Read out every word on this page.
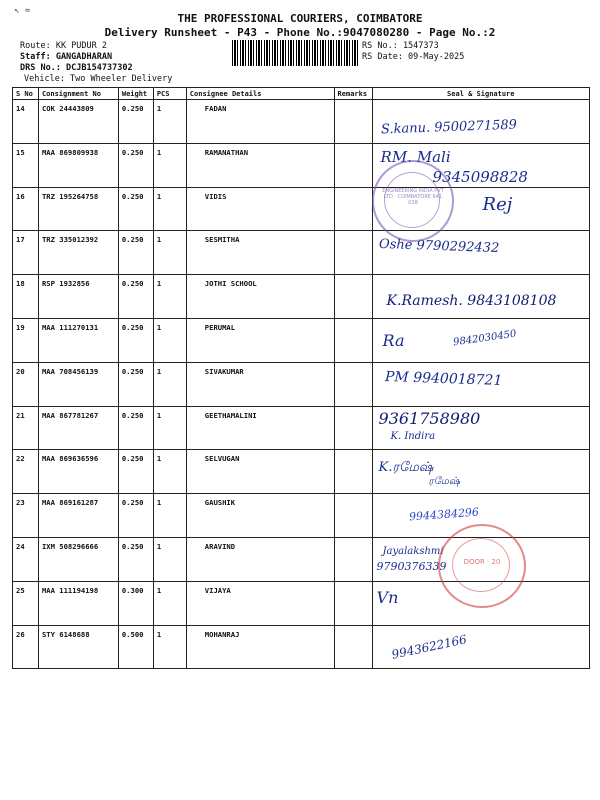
↖ ≈
THE PROFESSIONAL COURIERS, COIMBATORE
Delivery Runsheet - P43 - Phone No.:9047080280 - Page No.:2
Route: KK PUDUR 2
Staff: GANGADHARAN
DRS No.: DCJB154737302
Vehicle: Two Wheeler Delivery
RS No.: 1547373
RS Date: 09-May-2025
S No	Consignment No	Weight	PCS	Consignee Details	Remarks	Seal & Signature
14	COK 24443809	0.250	1	FADAN		S.kanu. 9500271589

15	MAA 869809938	0.250	1	RAMANATHAN		RM. Mali
9345098828

16	TRZ 195264758	0.250	1	VIDIS		Rej

17	TRZ 335012392	0.250	1	SESMITHA		Oshe 9790292432

18	RSP 1932856	0.250	1	JOTHI SCHOOL		K.Ramesh. 9843108108

19	MAA 111270131	0.250	1	PERUMAL		Ra 9842030450

20	MAA 708456139	0.250	1	SIVAKUMAR		PM 9940018721

21	MAA 867781267	0.250	1	GEETHAMALINI		9361758980
K. Indira

22	MAA 869636596	0.250	1	SELVUGAN		K.ரமேஷ்
ரமேஷ்

23	MAA 869161287	0.250	1	GAUSHIK		9944384296

24	IXM 508296666	0.250	1	ARAVIND		Jayalakshmi
9790376339

25	MAA 111194198	0.300	1	VIJAYA		Vn

26	STY 6148688	0.500	1	MOHANRAJ		9943622166
ENGINEERING INDIA PVT LTD · COIMBATORE 641 038
DOOR · 20
